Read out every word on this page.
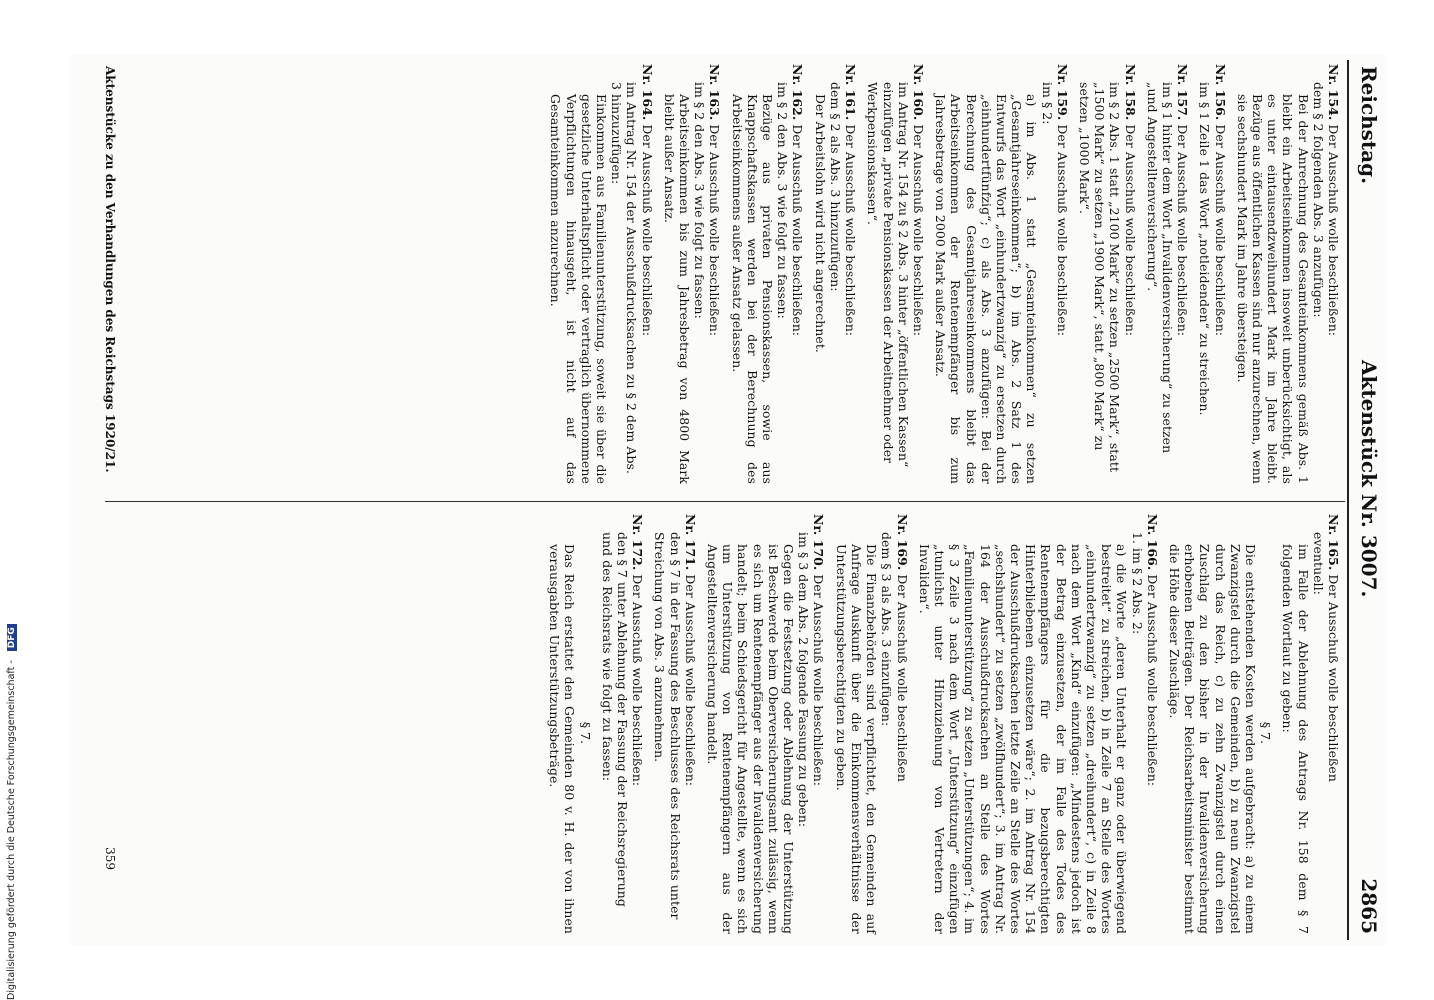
Reichstag.
Aktenstück Nr. 3007.
2865
Nr. 154. Der Ausschuß wolle beschließen:
dem § 2 folgenden Abs. 3 anzufügen:
Bei der Anrechnung des Gesamteinkommens gemäß Abs. 1 bleibt ein Arbeitseinkommen insoweit unberücksichtigt, als es unter eintausendzweihundert Mark im Jahre bleibt. Bezüge aus öffentlichen Kassen sind nur anzurechnen, wenn sie sechshundert Mark im Jahre übersteigen.
Nr. 156. Der Ausschuß wolle beschließen:
im § 1 Zeile 1 das Wort „notleidenden“ zu streichen.
Nr. 157. Der Ausschuß wolle beschließen:
im § 1 hinter dem Wort „Invalidenversicherung“ zu setzen „und Angestelltenversicherung“.
Nr. 158. Der Ausschuß wolle beschließen:
im § 2 Abs. 1 statt „2100 Mark“ zu setzen „2500 Mark“, statt „1500 Mark“ zu setzen „1900 Mark“, statt „800 Mark“ zu setzen „1000 Mark“.
Nr. 159. Der Ausschuß wolle beschließen:
im § 2:
a) im Abs. 1 statt „Gesamteinkommen“ zu setzen „Gesamtjahreseinkommen“; b) im Abs. 2 Satz 1 des Entwurfs das Wort „einhundertzwanzig“ zu ersetzen durch „einhundertfünfzig“; c) als Abs. 3 anzufügen: Bei der Berechnung des Gesamtjahreseinkommens bleibt das Arbeitseinkommen der Rentenempfänger bis zum Jahresbetrage von 2000 Mark außer Ansatz.
Nr. 160. Der Ausschuß wolle beschließen:
im Antrag Nr. 154 zu § 2 Abs. 3 hinter „öffentlichen Kassen“ einzufügen „private Pensionskassen der Arbeitnehmer oder Werkpensionskassen“.
Nr. 161. Der Ausschuß wolle beschließen:
dem § 2 als Abs. 3 hinzuzufügen:
Der Arbeitslohn wird nicht angerechnet.
Nr. 162. Der Ausschuß wolle beschließen:
im § 2 den Abs. 3 wie folgt zu fassen:
Bezüge aus privaten Pensionskassen, sowie aus Knappschaftskassen werden bei der Berechnung des Arbeitseinkommens außer Ansatz gelassen.
Nr. 163. Der Ausschuß wolle beschließen:
im § 2 den Abs. 3 wie folgt zu fassen:
Arbeitseinkommen bis zum Jahresbetrag von 4800 Mark bleibt außer Ansatz.
Nr. 164. Der Ausschuß wolle beschließen:
im Antrag Nr. 154 der Ausschußdrucksachen zu § 2 dem Abs. 3 hinzuzufügen:
Einkommen aus Familienunterstützung, soweit sie über die gesetzliche Unterhaltspflicht oder vertraglich übernommene Verpflichtungen hinausgeht, ist nicht auf das Gesamteinkommen anzurechnen.
Nr. 165. Der Ausschuß wolle beschließen
eventuell:
im Falle der Ablehnung des Antrags Nr. 158 dem § 7 folgenden Wortlaut zu geben:
§ 7.
Die entstehenden Kosten werden aufgebracht: a) zu einem Zwanzigstel durch die Gemeinden, b) zu neun Zwanzigstel durch das Reich, c) zu zehn Zwanzigstel durch einen Zuschlag zu den bisher in der Invalidenversicherung erhobenen Beiträgen. Der Reichsarbeitsminister bestimmt die Höhe dieser Zuschläge.
Nr. 166. Der Ausschuß wolle beschließen:
1. im § 2 Abs. 2:
a) die Worte „deren Unterhalt er ganz oder überwiegend bestreitet“ zu streichen, b) in Zeile 7 an Stelle des Wortes „einhundertzwanzig“ zu setzen „dreihundert“, c) in Zeile 8 nach dem Wort „Kind“ einzufügen: „Mindestens jedoch ist der Betrag einzusetzen, der im Falle des Todes des Rentenempfängers für die bezugsberechtigten Hinterbliebenen einzusetzen wäre“; 2. im Antrag Nr. 154 der Ausschußdrucksachen letzte Zeile an Stelle des Wortes „sechshundert“ zu setzen „zwölfhundert“; 3. im Antrag Nr. 164 der Ausschußdrucksachen an Stelle des Wortes „Familienunterstützung“ zu setzen „Unterstützungen“; 4. im § 3 Zeile 3 nach dem Wort „Unterstützung“ einzufügen „tunlichst unter Hinzuziehung von Vertretern der Invaliden“.
Nr. 169. Der Ausschuß wolle beschließen
dem § 3 als Abs. 3 einzufügen:
Die Finanzbehörden sind verpflichtet, den Gemeinden auf Anfrage Auskunft über die Einkommensverhältnisse der Unterstützungsberechtigten zu geben.
Nr. 170. Der Ausschuß wolle beschließen:
im § 3 dem Abs. 2 folgende Fassung zu geben:
Gegen die Festsetzung oder Ablehnung der Unterstützung ist Beschwerde beim Oberversicherungsamt zulässig, wenn es sich um Rentenempfänger aus der Invalidenversicherung handelt; beim Schiedsgericht für Angestellte, wenn es sich um Unterstützung von Rentenempfängern aus der Angestelltenversicherung handelt.
Nr. 171. Der Ausschuß wolle beschließen:
den § 7 in der Fassung des Beschlusses des Reichsrats unter Streichung von Abs. 3 anzunehmen.
Nr. 172. Der Ausschuß wolle beschließen:
den § 7 unter Ablehnung der Fassung der Reichsregierung und des Reichsrats wie folgt zu fassen:
§ 7.
Das Reich erstattet den Gemeinden 80 v. H. der von ihnen verausgabten Unterstützungsbeträge.
Aktenstücke zu den Verhandlungen des Reichstags 1920/21.
359
Digitalisierung gefördert durch die Deutsche Forschungsgemeinschaft - DFG
